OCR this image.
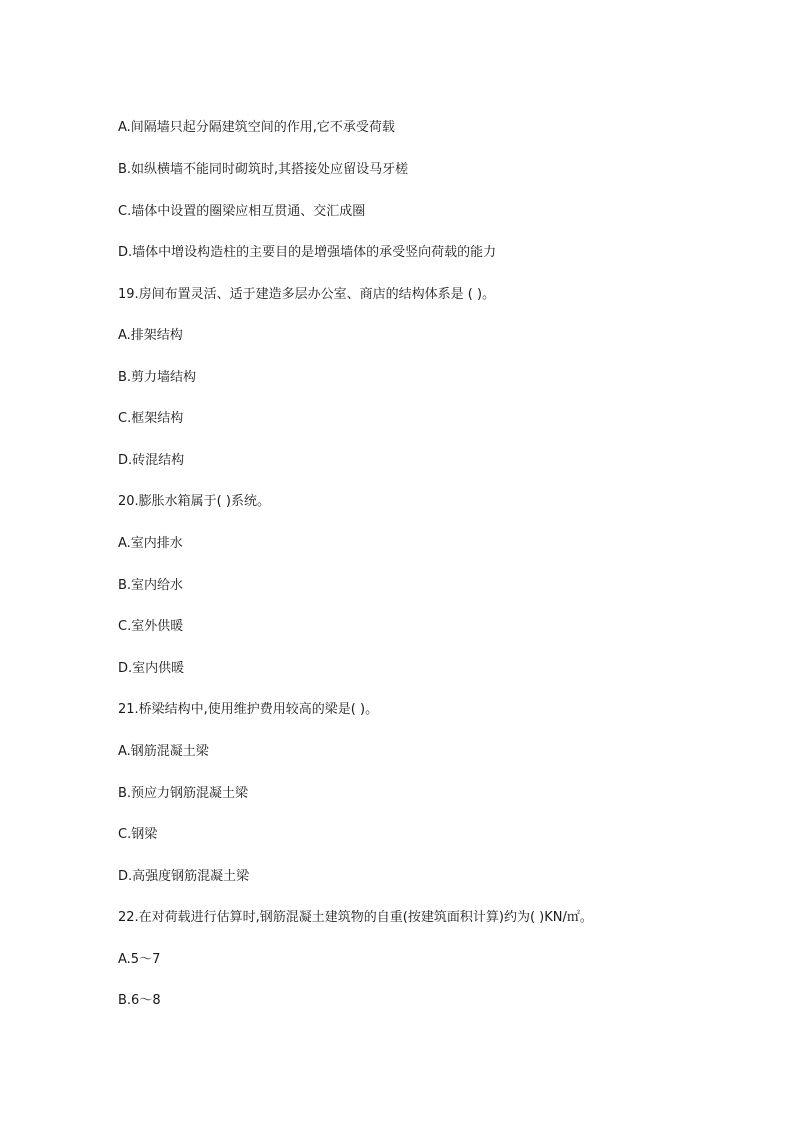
A.间隔墙只起分隔建筑空间的作用,它不承受荷载
B.如纵横墙不能同时砌筑时,其搭接处应留设马牙槎
C.墙体中设置的圈梁应相互贯通、交汇成圈
D.墙体中增设构造柱的主要目的是增强墙体的承受竖向荷载的能力
19.房间布置灵活、适于建造多层办公室、商店的结构体系是 ( )。
A.排架结构
B.剪力墙结构
C.框架结构
D.砖混结构
20.膨胀水箱属于( )系统。
A.室内排水
B.室内给水
C.室外供暖
D.室内供暖
21.桥梁结构中,使用维护费用较高的梁是( )。
A.钢筋混凝土梁
B.预应力钢筋混凝土梁
C.钢梁
D.高强度钢筋混凝土梁
22.在对荷载进行估算时,钢筋混凝土建筑物的自重(按建筑面积计算)约为( )KN/㎡。
A.5～7
B.6～8
